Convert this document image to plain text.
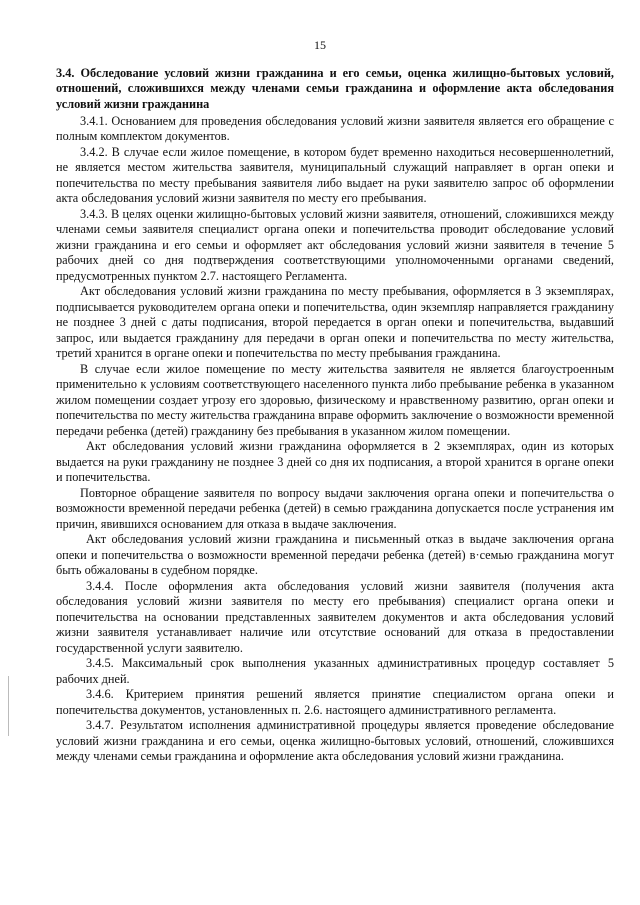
15

3.4. Обследование условий жизни гражданина и его семьи, оценка жилищно-бытовых условий, отношений, сложившихся между членами семьи гражданина и оформление акта обследования условий жизни гражданина

3.4.1. Основанием для проведения обследования условий жизни заявителя является его обращение с полным комплектом документов.

3.4.2. В случае если жилое помещение, в котором будет временно находиться несовершеннолетний, не является местом жительства заявителя, муниципальный служащий направляет в орган опеки и попечительства по месту пребывания заявителя либо выдает на руки заявителю запрос об оформлении акта обследования условий жизни заявителя по месту его пребывания.

3.4.3. В целях оценки жилищно-бытовых условий жизни заявителя, отношений, сложившихся между членами семьи заявителя специалист органа опеки и попечительства проводит обследование условий жизни гражданина и его семьи и оформляет акт обследования условий жизни заявителя в течение 5 рабочих дней со дня подтверждения соответствующими уполномоченными органами сведений, предусмотренных пунктом 2.7. настоящего Регламента.

Акт обследования условий жизни гражданина по месту пребывания, оформляется в 3 экземплярах, подписывается руководителем органа опеки и попечительства, один экземпляр направляется гражданину не позднее 3 дней с даты подписания, второй передается в орган опеки и попечительства, выдавший запрос, или выдается гражданину для передачи в орган опеки и попечительства по месту жительства, третий хранится в органе опеки и попечительства по месту пребывания гражданина.

В случае если жилое помещение по месту жительства заявителя не является благоустроенным применительно к условиям соответствующего населенного пункта либо пребывание ребенка в указанном жилом помещении создает угрозу его здоровью, физическому и нравственному развитию, орган опеки и попечительства по месту жительства гражданина вправе оформить заключение о возможности временной передачи ребенка (детей) гражданину без пребывания в указанном жилом помещении.

Акт обследования условий жизни гражданина оформляется в 2 экземплярах, один из которых выдается на руки гражданину не позднее 3 дней со дня их подписания, а второй хранится в органе опеки и попечительства.

Повторное обращение заявителя по вопросу выдачи заключения органа опеки и попечительства о возможности временной передачи ребенка (детей) в семью гражданина допускается после устранения им причин, явившихся основанием для отказа в выдаче заключения.

Акт обследования условий жизни гражданина и письменный отказ в выдаче заключения органа опеки и попечительства о возможности временной передачи ребенка (детей) в·семью гражданина могут быть обжалованы в судебном порядке.

3.4.4. После оформления акта обследования условий жизни заявителя (получения акта обследования условий жизни заявителя по месту его пребывания) специалист органа опеки и попечительства на основании представленных заявителем документов и акта обследования условий жизни заявителя устанавливает наличие или отсутствие оснований для отказа в предоставлении государственной услуги заявителю.

3.4.5. Максимальный срок выполнения указанных административных процедур составляет 5 рабочих дней.

3.4.6. Критерием принятия решений является принятие специалистом органа опеки и попечительства документов, установленных п. 2.6. настоящего административного регламента.

3.4.7. Результатом исполнения административной процедуры является проведение обследование условий жизни гражданина и его семьи, оценка жилищно-бытовых условий, отношений, сложившихся между членами семьи гражданина и оформление акта обследования условий жизни гражданина.
